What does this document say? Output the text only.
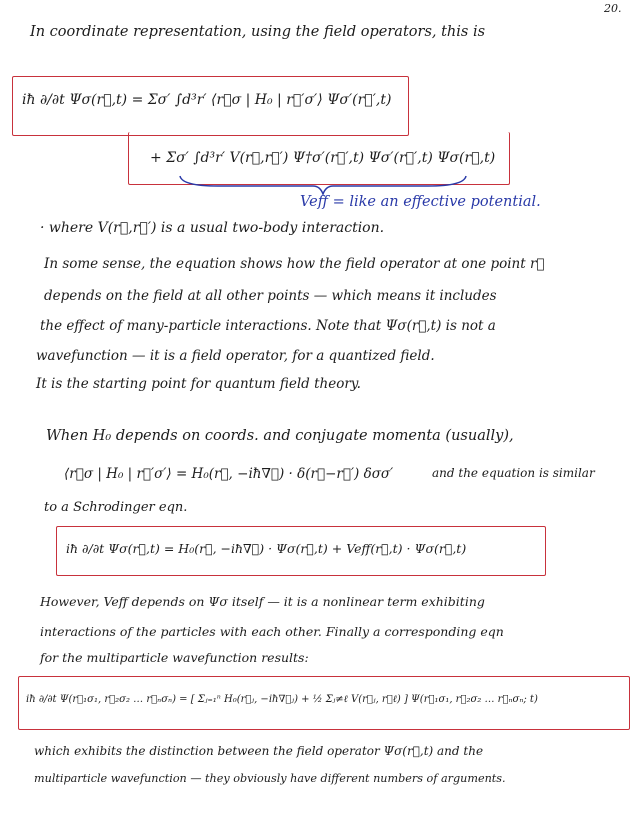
20.
In coordinate representation, using the field operators, this is
iħ ∂/∂t Ψσ(r⃗,t) = Σσ′ ∫d³r′ ⟨r⃗σ | H₀ | r⃗′σ′⟩ Ψσ′(r⃗′,t)
+ Σσ′ ∫d³r′ V(r⃗,r⃗′) Ψ†σ′(r⃗′,t) Ψσ′(r⃗′,t) Ψσ(r⃗,t)
Veff = like an effective potential.
· where V(r⃗,r⃗′) is a usual two-body interaction.
In some sense, the equation shows how the field operator at one point r⃗
depends on the field at all other points — which means it includes
the effect of many-particle interactions. Note that Ψσ(r⃗,t) is not a
wavefunction — it is a field operator, for a quantized field.
It is the starting point for quantum field theory.
When H₀ depends on coords. and conjugate momenta (usually),
⟨r⃗σ | H₀ | r⃗′σ′⟩ = H₀(r⃗, −iħ∇⃗) · δ(r⃗−r⃗′) δσσ′	and the equation is similar
to a Schrodinger eqn.
iħ ∂/∂t Ψσ(r⃗,t) = H₀(r⃗, −iħ∇⃗) · Ψσ(r⃗,t) + Veff(r⃗,t) · Ψσ(r⃗,t)
However, Veff depends on Ψσ itself — it is a nonlinear term exhibiting
interactions of the particles with each other. Finally a corresponding eqn
for the multiparticle wavefunction results:
iħ ∂/∂t Ψ(r⃗₁σ₁, r⃗₂σ₂ … r⃗ₙσₙ) = [ Σⱼ₌₁ⁿ H₀(r⃗ⱼ, −iħ∇⃗ⱼ) + ½ Σⱼ≠ℓ V(r⃗ⱼ, r⃗ℓ) ] Ψ(r⃗₁σ₁, r⃗₂σ₂ … r⃗ₙσₙ; t)
which exhibits the distinction between the field operator Ψσ(r⃗,t) and the
multiparticle wavefunction — they obviously have different numbers of arguments.
